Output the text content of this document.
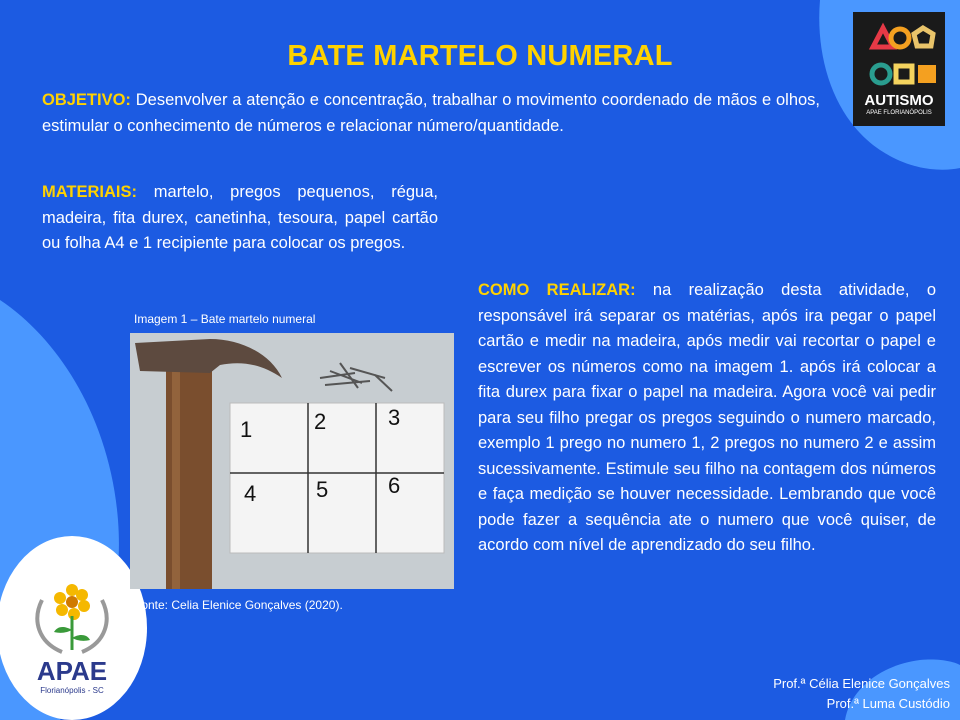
AUTISMO
APAE FLORIANÓPOLIS
BATE MARTELO NUMERAL
OBJETIVO: Desenvolver a atenção e concentração, trabalhar o movimento coordenado de mãos e olhos, estimular o conhecimento de números e relacionar número/quantidade.
MATERIAIS: martelo, pregos pequenos, régua, madeira, fita durex, canetinha, tesoura, papel cartão ou folha A4 e 1 recipiente para colocar os pregos.
COMO REALIZAR: na realização desta atividade, o responsável irá separar os matérias, após ira pegar o papel cartão e medir na madeira, após medir vai recortar o papel e escrever os números como na imagem 1. após irá colocar a fita durex para fixar o papel na madeira. Agora você vai pedir para seu filho pregar os pregos seguindo o numero marcado, exemplo 1 prego no numero 1, 2 pregos no numero 2 e assim sucessivamente. Estimule seu filho na contagem dos números e faça medição se houver necessidade. Lembrando que você pode fazer a sequência ate o numero que você quiser, de acordo com nível de aprendizado do seu filho.
Imagem 1 – Bate martelo numeral
1	2	3
4	5	6
Fonte: Celia Elenice Gonçalves (2020).
APAE
Florianópolis - SC	Prof.ª Célia Elenice Gonçalves
Prof.ª Luma Custódio
